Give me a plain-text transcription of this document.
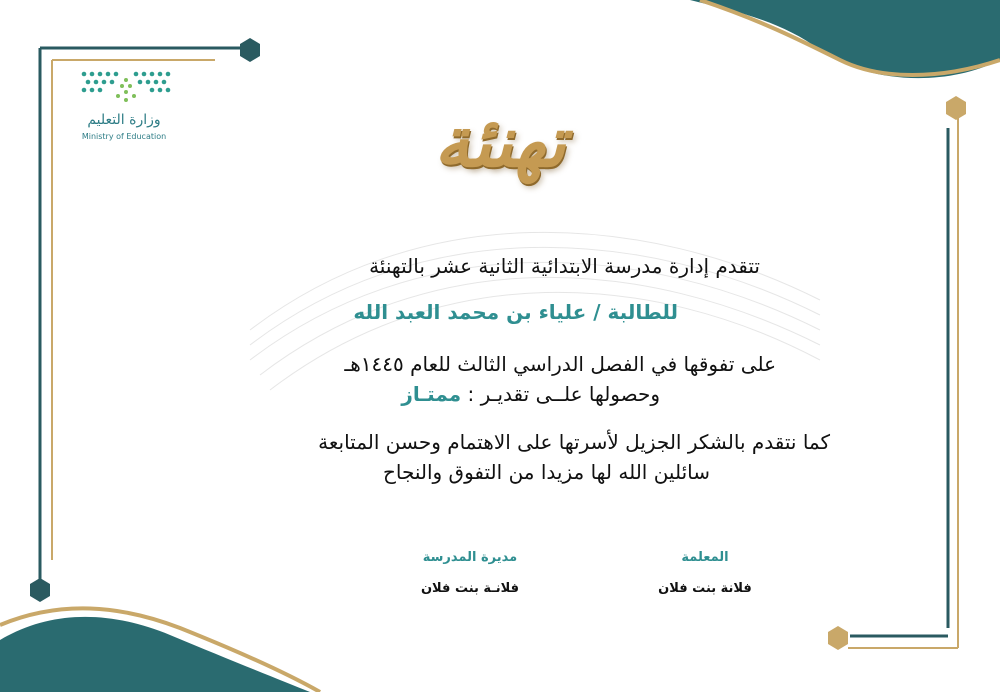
وزارة التعليم
Ministry of Education	تهنئة
تتقدم إدارة مدرسة الابتدائية الثانية عشر بالتهنئة
للطالبة / علياء بن محمد العبد الله
على تفوقها في الفصل الدراسي الثالث للعام ١٤٤٥هـ
وحصولها علــى تقديـر : ممتـاز
كما نتقدم بالشكر الجزيل لأسرتها على الاهتمام وحسن المتابعة
سائلين الله لها مزيدا من التفوق والنجاح
المعلمة
فلانة بنت فلان
مديرة المدرسة
فلانـة بنت فلان
